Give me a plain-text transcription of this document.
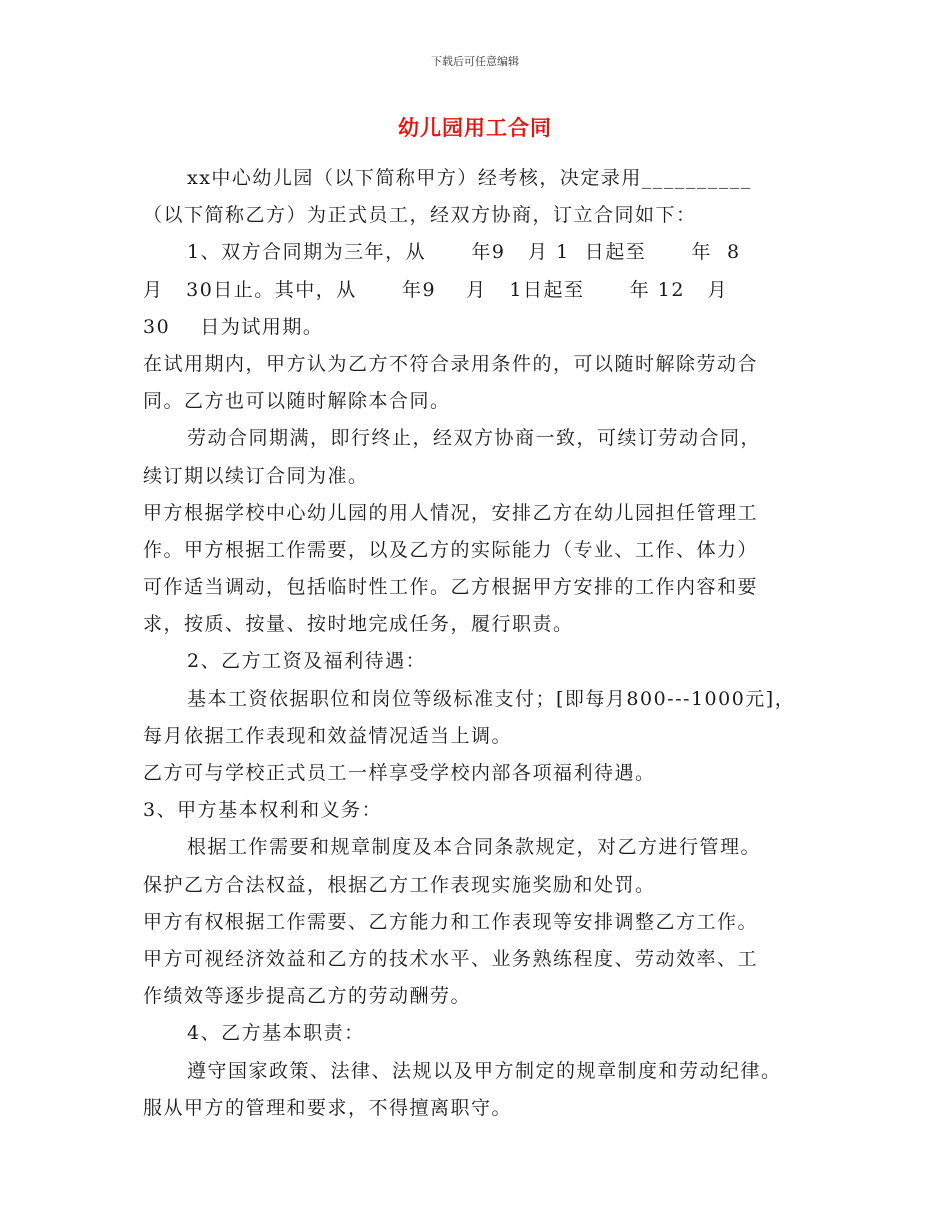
下载后可任意编辑
幼儿园用工合同
xx中心幼儿园（以下简称甲方）经考核，决定录用__________
（以下简称乙方）为正式员工，经双方协商，订立合同如下：
1、双方合同期为三年，从      年9   月 1  日起至      年  8
月   30日止。其中，从      年9    月   1日起至      年 12   月
30    日为试用期。
在试用期内，甲方认为乙方不符合录用条件的，可以随时解除劳动合
同。乙方也可以随时解除本合同。
劳动合同期满，即行终止，经双方协商一致，可续订劳动合同，
续订期以续订合同为准。
甲方根据学校中心幼儿园的用人情况，安排乙方在幼儿园担任管理工
作。甲方根据工作需要，以及乙方的实际能力（专业、工作、体力）
可作适当调动，包括临时性工作。乙方根据甲方安排的工作内容和要
求，按质、按量、按时地完成任务，履行职责。
2、乙方工资及福利待遇：
基本工资依据职位和岗位等级标准支付；[即每月800---1000元]，
每月依据工作表现和效益情况适当上调。
乙方可与学校正式员工一样享受学校内部各项福利待遇。
3、甲方基本权利和义务：
根据工作需要和规章制度及本合同条款规定，对乙方进行管理。
保护乙方合法权益，根据乙方工作表现实施奖励和处罚。
甲方有权根据工作需要、乙方能力和工作表现等安排调整乙方工作。
甲方可视经济效益和乙方的技术水平、业务熟练程度、劳动效率、工
作绩效等逐步提高乙方的劳动酬劳。
4、乙方基本职责：
遵守国家政策、法律、法规以及甲方制定的规章制度和劳动纪律。
服从甲方的管理和要求，不得擅离职守。
